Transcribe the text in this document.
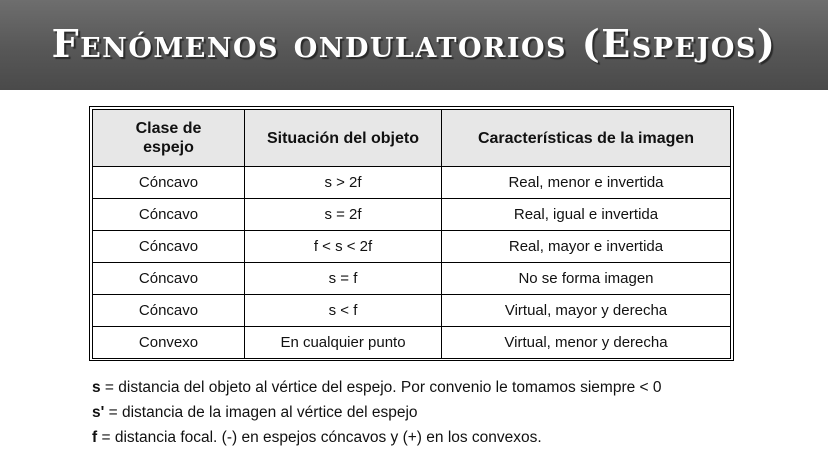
Fenómenos ondulatorios (Espejos)
Clase de
espejo	Situación del objeto	Características de la imagen
Cóncavo	s > 2f	Real, menor e invertida
Cóncavo	s = 2f	Real, igual e invertida
Cóncavo	f < s < 2f	Real, mayor e invertida
Cóncavo	s = f	No se forma imagen
Cóncavo	s < f	Virtual, mayor y derecha
Convexo	En cualquier punto	Virtual, menor y derecha
s = distancia del objeto al vértice del espejo. Por convenio le tomamos siempre < 0
s' = distancia de la imagen al vértice del espejo
f = distancia focal. (-) en espejos cóncavos y (+) en los convexos.
